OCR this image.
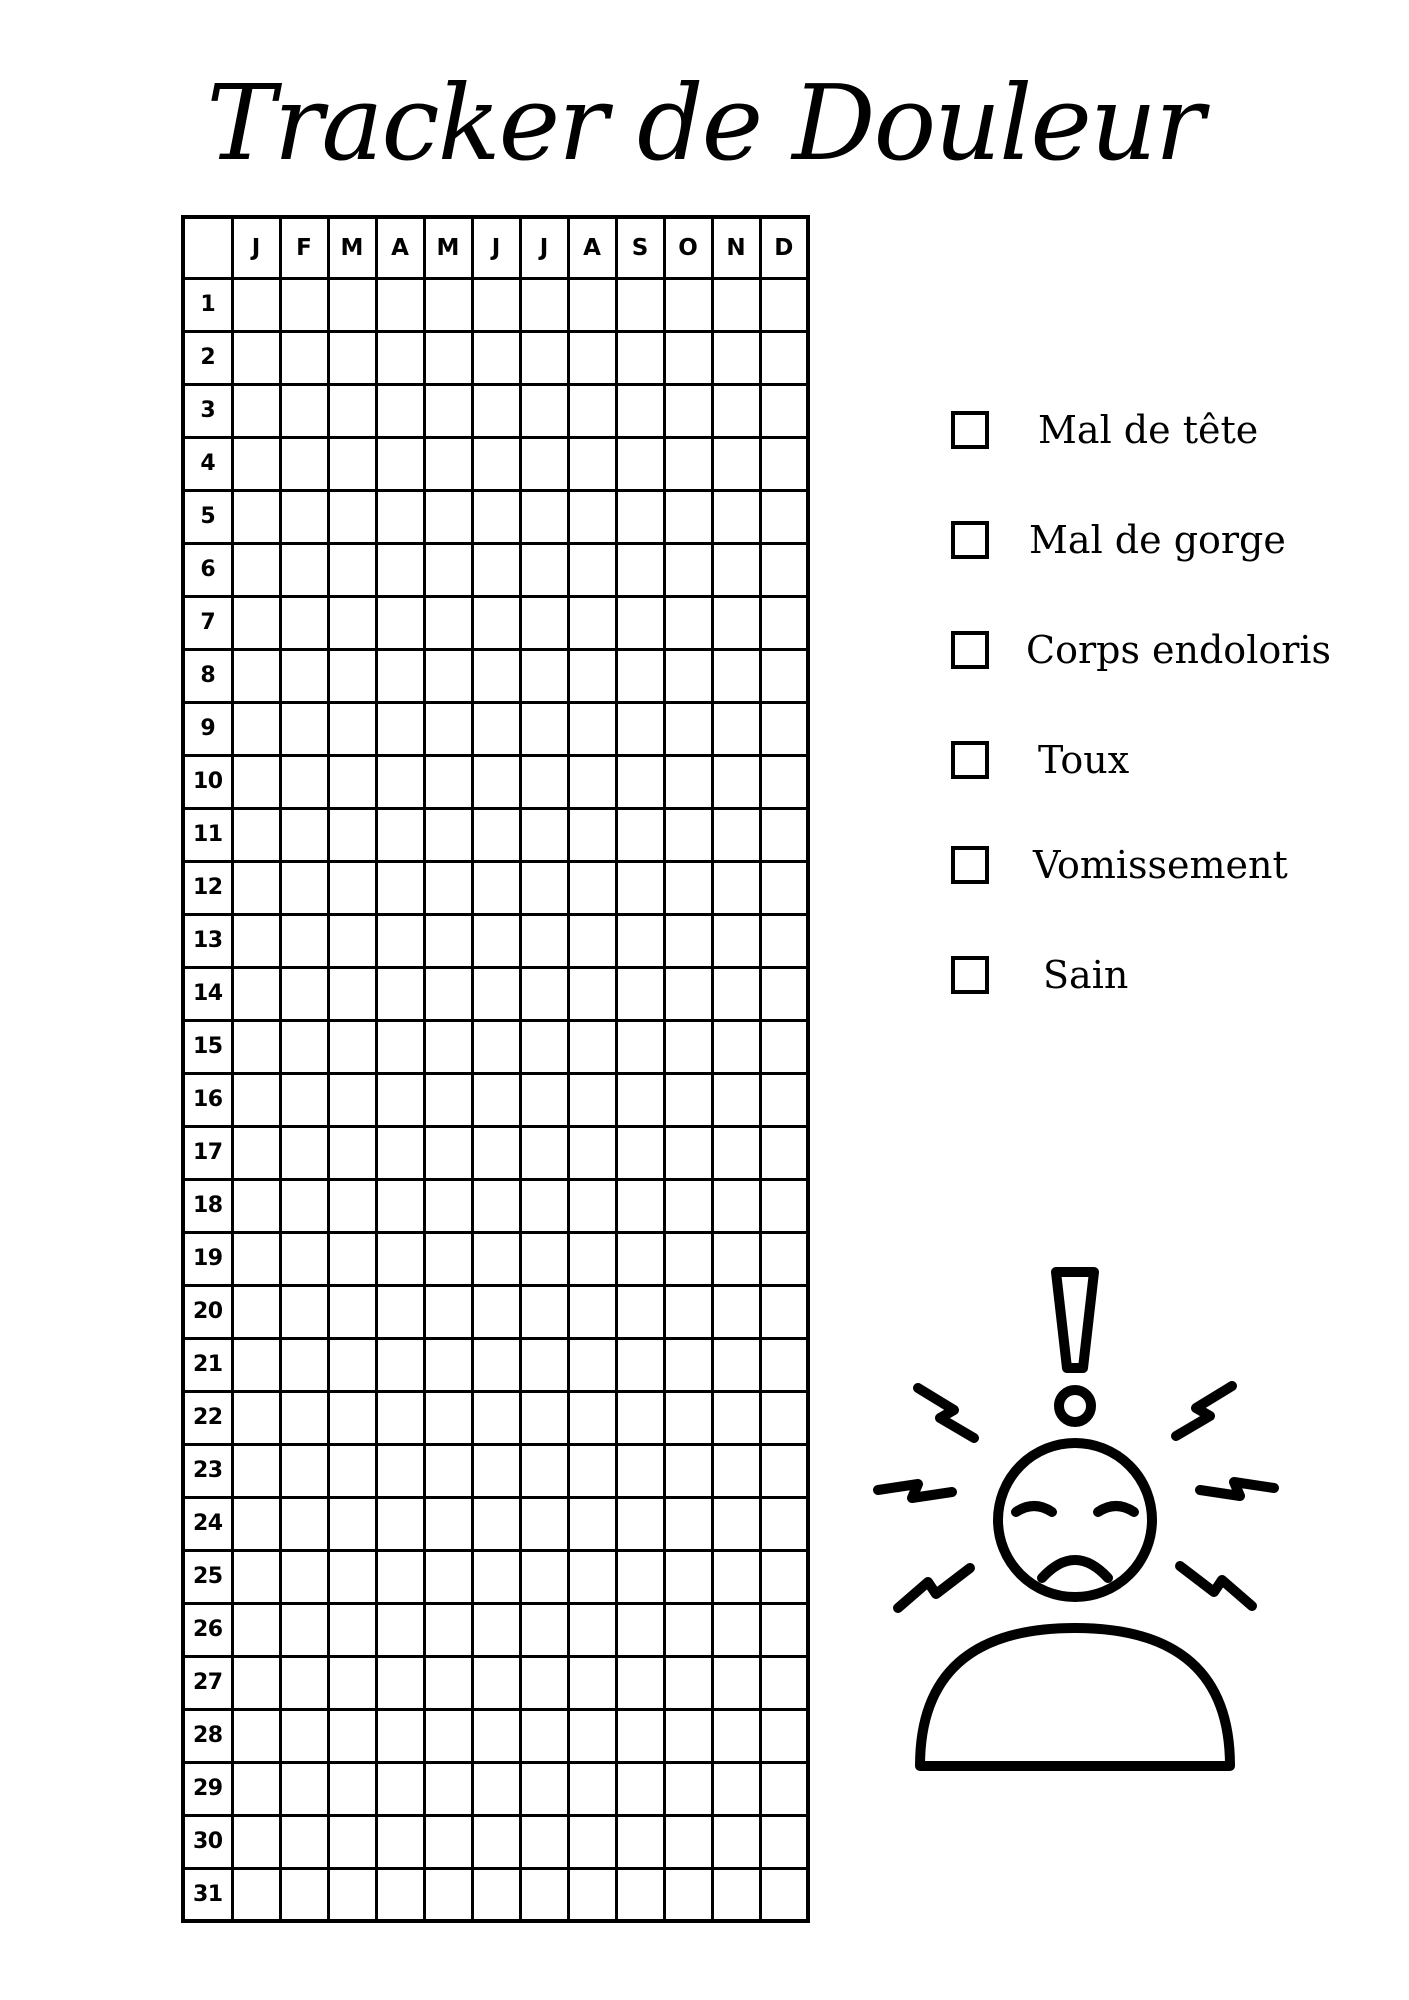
Tracker de Douleur
	J	F	M	A	M	J	J	A	S	O	N	D
1												
2												
3												
4												
5												
6												
7												
8												
9												
10												
11												
12												
13												
14												
15												
16												
17												
18												
19												
20												
21												
22												
23												
24												
25												
26												
27												
28												
29												
30												
31												
Mal de tête
Mal de gorge
Corps endoloris
Toux
Vomissement
Sain
